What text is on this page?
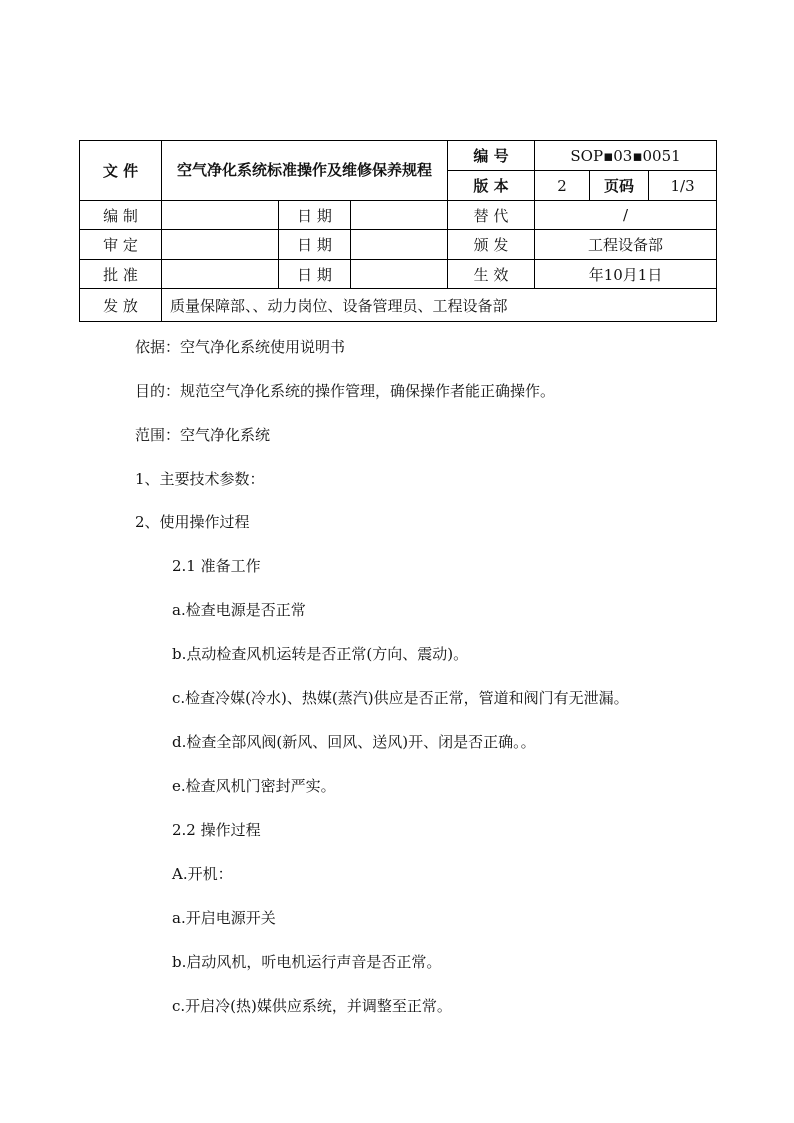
文 件	空气净化系统标准操作及维修保养规程			编 号	SOP▪03▪0051		
				版 本	2	页码	1/3
编 制		日 期		替 代	/		
审 定		日 期		颁 发	工程设备部		
批 准		日 期		生 效	年10月1日		
发 放	质量保障部、、动力岗位、设备管理员、工程设备部						
依据：空气净化系统使用说明书
目的：规范空气净化系统的操作管理，确保操作者能正确操作。
范围：空气净化系统
1、主要技术参数：
2、使用操作过程
2.1 准备工作
a.检查电源是否正常
b.点动检查风机运转是否正常(方向、震动)。
c.检查冷媒(冷水)、热媒(蒸汽)供应是否正常，管道和阀门有无泄漏。
d.检查全部风阀(新风、回风、送风)开、闭是否正确。。
e.检查风机门密封严实。
2.2 操作过程
A.开机：
a.开启电源开关
b.启动风机，听电机运行声音是否正常。
c.开启冷(热)媒供应系统，并调整至正常。
